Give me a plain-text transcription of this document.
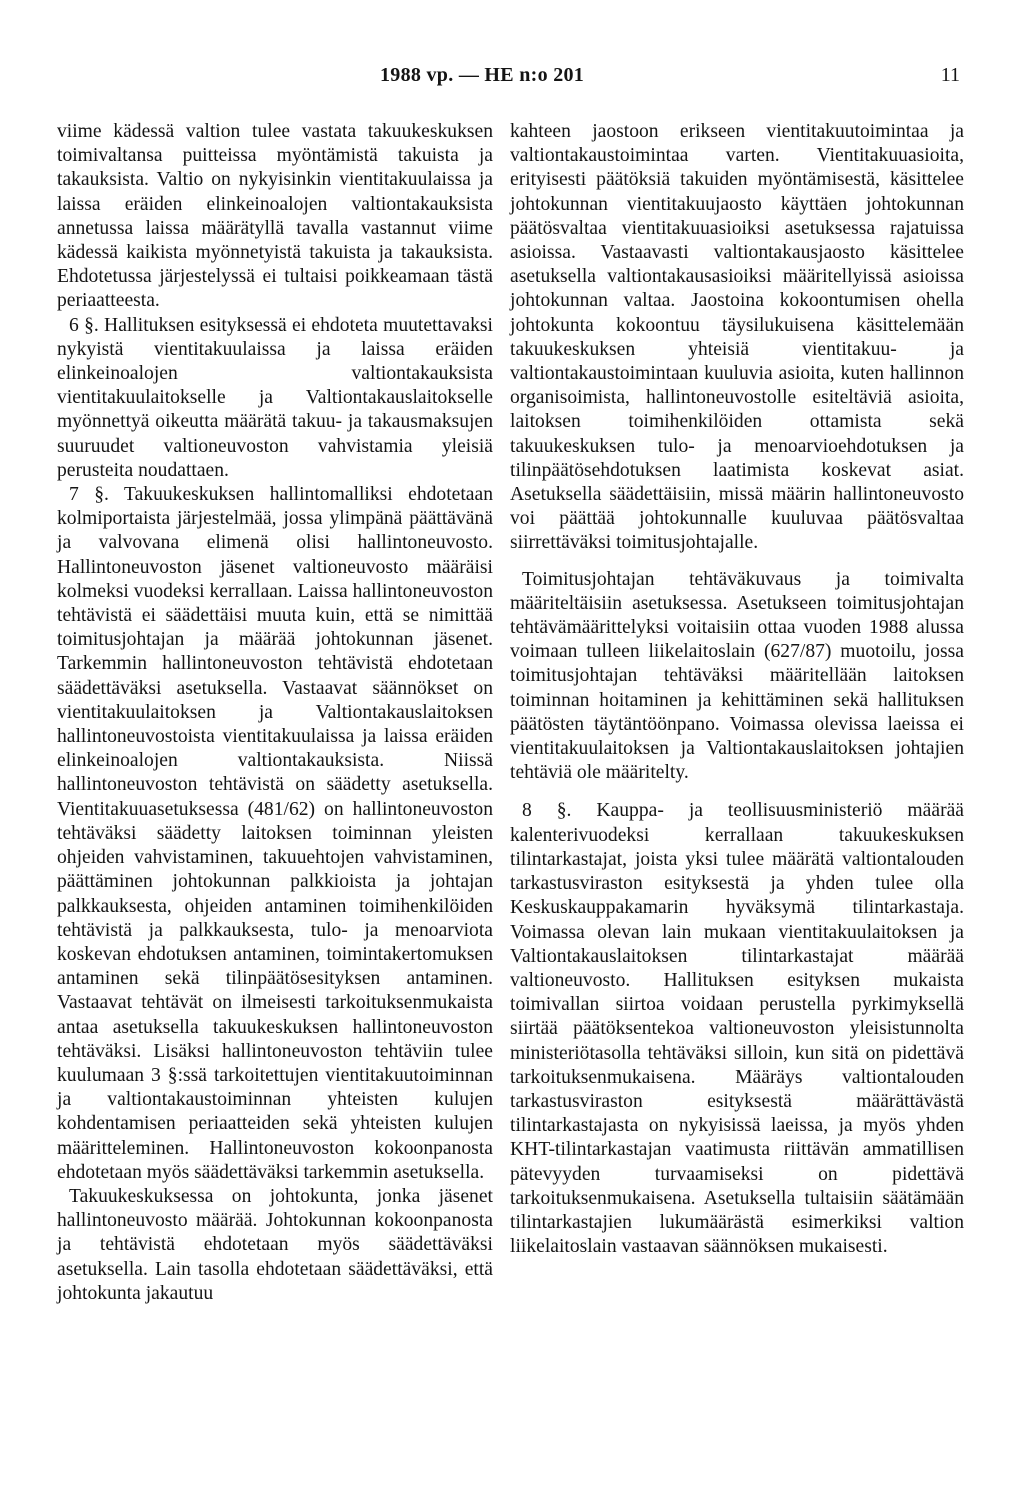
1988 vp. — HE n:o 201	11

viime kädessä valtion tulee vastata takuukeskuksen toimivaltansa puitteissa myöntämistä takuista ja takauksista. Valtio on nykyisinkin vientitakuulaissa ja laissa eräiden elinkeinoalojen valtiontakauksista annetussa laissa määrätyllä tavalla vastannut viime kädessä kaikista myönnetyistä takuista ja takauksista. Ehdotetussa järjestelyssä ei tultaisi poikkeamaan tästä periaatteesta.

6 §. Hallituksen esityksessä ei ehdoteta muutettavaksi nykyistä vientitakuulaissa ja laissa eräiden elinkeinoalojen valtiontakauksista vientitakuulaitokselle ja Valtiontakauslaitokselle myönnettyä oikeutta määrätä takuu- ja takausmaksujen suuruudet valtioneuvoston vahvistamia yleisiä perusteita noudattaen.

7 §. Takuukeskuksen hallintomalliksi ehdotetaan kolmiportaista järjestelmää, jossa ylimpänä päättävänä ja valvovana elimenä olisi hallintoneuvosto. Hallintoneuvoston jäsenet valtioneuvosto määräisi kolmeksi vuodeksi kerrallaan. Laissa hallintoneuvoston tehtävistä ei säädettäisi muuta kuin, että se nimittää toimitusjohtajan ja määrää johtokunnan jäsenet. Tarkemmin hallintoneuvoston tehtävistä ehdotetaan säädettäväksi asetuksella. Vastaavat säännökset on vientitakuulaitoksen ja Valtiontakauslaitoksen hallintoneuvostoista vientitakuulaissa ja laissa eräiden elinkeinoalojen valtiontakauksista. Niissä hallintoneuvoston tehtävistä on säädetty asetuksella. Vientitakuuasetuksessa (481/62) on hallintoneuvoston tehtäväksi säädetty laitoksen toiminnan yleisten ohjeiden vahvistaminen, takuuehtojen vahvistaminen, päättäminen johtokunnan palkkioista ja johtajan palkkauksesta, ohjeiden antaminen toimihenkilöiden tehtävistä ja palkkauksesta, tulo- ja menoarviota koskevan ehdotuksen antaminen, toimintakertomuksen antaminen sekä tilinpäätösesityksen antaminen. Vastaavat tehtävät on ilmeisesti tarkoituksenmukaista antaa asetuksella takuukeskuksen hallintoneuvoston tehtäväksi. Lisäksi hallintoneuvoston tehtäviin tulee kuulumaan 3 §:ssä tarkoitettujen vientitakuutoiminnan ja valtiontakaustoiminnan yhteisten kulujen kohdentamisen periaatteiden sekä yhteisten kulujen määritteleminen. Hallintoneuvoston kokoonpanosta ehdotetaan myös säädettäväksi tarkemmin asetuksella.

Takuukeskuksessa on johtokunta, jonka jäsenet hallintoneuvosto määrää. Johtokunnan kokoonpanosta ja tehtävistä ehdotetaan myös säädettäväksi asetuksella. Lain tasolla ehdotetaan säädettäväksi, että johtokunta jakautuu

kahteen jaostoon erikseen vientitakuutoimintaa ja valtiontakaustoimintaa varten. Vientitakuuasioita, erityisesti päätöksiä takuiden myöntämisestä, käsittelee johtokunnan vientitakuujaosto käyttäen johtokunnan päätösvaltaa vientitakuuasioiksi asetuksessa rajatuissa asioissa. Vastaavasti valtiontakausjaosto käsittelee asetuksella valtiontakausasioiksi määritellyissä asioissa johtokunnan valtaa. Jaostoina kokoontumisen ohella johtokunta kokoontuu täysilukuisena käsittelemään takuukeskuksen yhteisiä vientitakuu- ja valtiontakaustoimintaan kuuluvia asioita, kuten hallinnon organisoimista, hallintoneuvostolle esiteltäviä asioita, laitoksen toimihenkilöiden ottamista sekä takuukeskuksen tulo- ja menoarvioehdotuksen ja tilinpäätösehdotuksen laatimista koskevat asiat. Asetuksella säädettäisiin, missä määrin hallintoneuvosto voi päättää johtokunnalle kuuluvaa päätösvaltaa siirrettäväksi toimitusjohtajalle.

Toimitusjohtajan tehtäväkuvaus ja toimivalta määriteltäisiin asetuksessa. Asetukseen toimitusjohtajan tehtävämäärittelyksi voitaisiin ottaa vuoden 1988 alussa voimaan tulleen liikelaitoslain (627/87) muotoilu, jossa toimitusjohtajan tehtäväksi määritellään laitoksen toiminnan hoitaminen ja kehittäminen sekä hallituksen päätösten täytäntöönpano. Voimassa olevissa laeissa ei vientitakuulaitoksen ja Valtiontakauslaitoksen johtajien tehtäviä ole määritelty.

8 §. Kauppa- ja teollisuusministeriö määrää kalenterivuodeksi kerrallaan takuukeskuksen tilintarkastajat, joista yksi tulee määrätä valtiontalouden tarkastusviraston esityksestä ja yhden tulee olla Keskuskauppakamarin hyväksymä tilintarkastaja. Voimassa olevan lain mukaan vientitakuulaitoksen ja Valtiontakauslaitoksen tilintarkastajat määrää valtioneuvosto. Hallituksen esityksen mukaista toimivallan siirtoa voidaan perustella pyrkimyksellä siirtää päätöksentekoa valtioneuvoston yleisistunnolta ministeriötasolla tehtäväksi silloin, kun sitä on pidettävä tarkoituksenmukaisena. Määräys valtiontalouden tarkastusviraston esityksestä määrättävästä tilintarkastajasta on nykyisissä laeissa, ja myös yhden KHT-tilintarkastajan vaatimusta riittävän ammatillisen pätevyyden turvaamiseksi on pidettävä tarkoituksenmukaisena. Asetuksella tultaisiin säätämään tilintarkastajien lukumäärästä esimerkiksi valtion liikelaitoslain vastaavan säännöksen mukaisesti.
